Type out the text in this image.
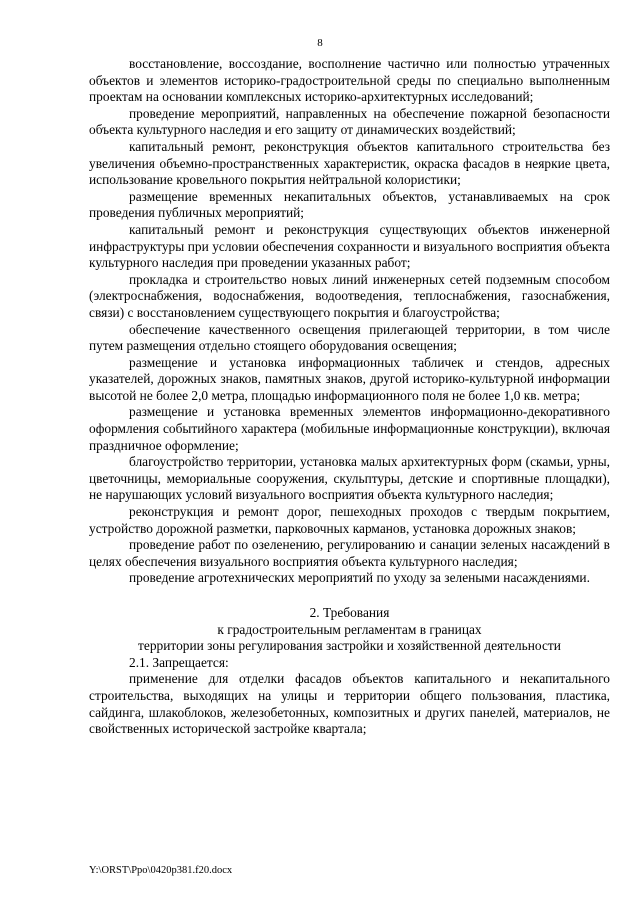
8

восстановление, воссоздание, восполнение частично или полностью утраченных объектов и элементов историко-градостроительной среды по специально выполненным проектам на основании комплексных историко-архитектурных исследований;

проведение мероприятий, направленных на обеспечение пожарной безопасности объекта культурного наследия и его защиту от динамических воздействий;

капитальный ремонт, реконструкция объектов капитального строительства без увеличения объемно-пространственных характеристик, окраска фасадов в неяркие цвета, использование кровельного покрытия нейтральной колористики;

размещение временных некапитальных объектов, устанавливаемых на срок проведения публичных мероприятий;

капитальный ремонт и реконструкция существующих объектов инженерной инфраструктуры при условии обеспечения сохранности и визуального восприятия объекта культурного наследия при проведении указанных работ;

прокладка и строительство новых линий инженерных сетей подземным способом (электроснабжения, водоснабжения, водоотведения, теплоснабжения, газоснабжения, связи) с восстановлением существующего покрытия и благоустройства;

обеспечение качественного освещения прилегающей территории, в том числе путем размещения отдельно стоящего оборудования освещения;

размещение и установка информационных табличек и стендов, адресных указателей, дорожных знаков, памятных знаков, другой историко-культурной информации высотой не более 2,0 метра, площадью информационного поля не более 1,0 кв. метра;

размещение и установка временных элементов информационно-декоративного оформления событийного характера (мобильные информационные конструкции), включая праздничное оформление;

благоустройство территории, установка малых архитектурных форм (скамьи, урны, цветочницы, мемориальные сооружения, скульптуры, детские и спортивные площадки), не нарушающих условий визуального восприятия объекта культурного наследия;

реконструкция и ремонт дорог, пешеходных проходов с твердым покрытием, устройство дорожной разметки, парковочных карманов, установка дорожных знаков;

проведение работ по озеленению, регулированию и санации зеленых насаждений в целях обеспечения визуального восприятия объекта культурного наследия;

проведение агротехнических мероприятий по уходу за зелеными насаждениями.

2. Требования
к градостроительным регламентам в границах
территории зоны регулирования застройки и хозяйственной деятельности

2.1. Запрещается:

применение для отделки фасадов объектов капитального и некапитального строительства, выходящих на улицы и территории общего пользования, пластика, сайдинга, шлакоблоков, железобетонных, композитных и других панелей, материалов, не свойственных исторической застройке квартала;

Y:\ORST\Ppo\0420p381.f20.docx
